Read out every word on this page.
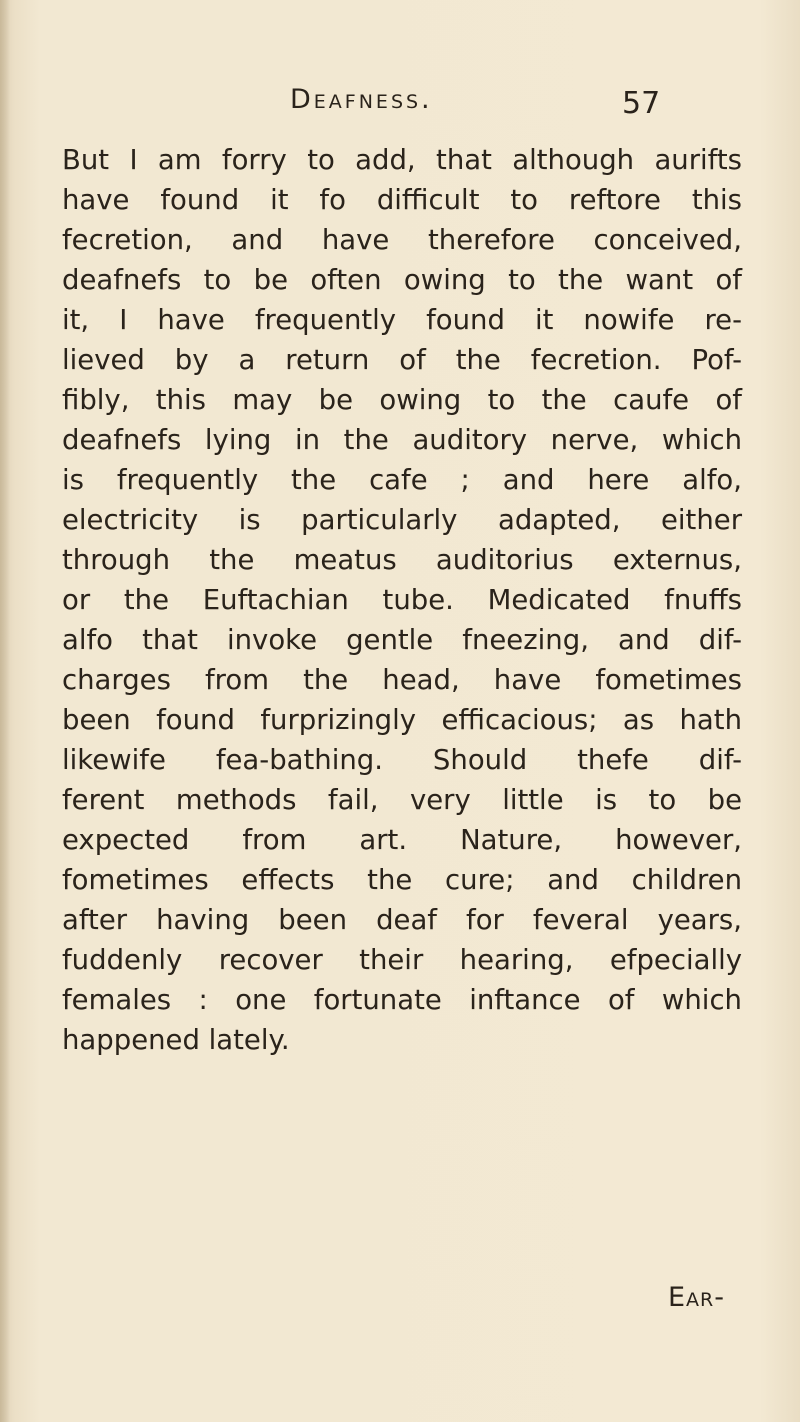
Deafness.	57
But I am forry to add, that although aurifts
have found it fo difficult to reftore this
fecretion, and have therefore conceived,
deafnefs to be often owing to the want of
it, I have frequently found it nowife re-
lieved by a return of the fecretion. Pof-
fibly, this may be owing to the caufe of
deafnefs lying in the auditory nerve, which
is frequently the cafe ; and here alfo,
electricity is particularly adapted, either
through the meatus auditorius externus,
or the Euftachian tube. Medicated fnuffs
alfo that invoke gentle fneezing, and dif-
charges from the head, have fometimes
been found furprizingly efficacious; as hath
likewife fea-bathing. Should thefe dif-
ferent methods fail, very little is to be
expected from art. Nature, however,
fometimes effects the cure; and children
after having been deaf for feveral years,
fuddenly recover their hearing, efpecially
females : one fortunate inftance of which
happened lately.
Ear-
